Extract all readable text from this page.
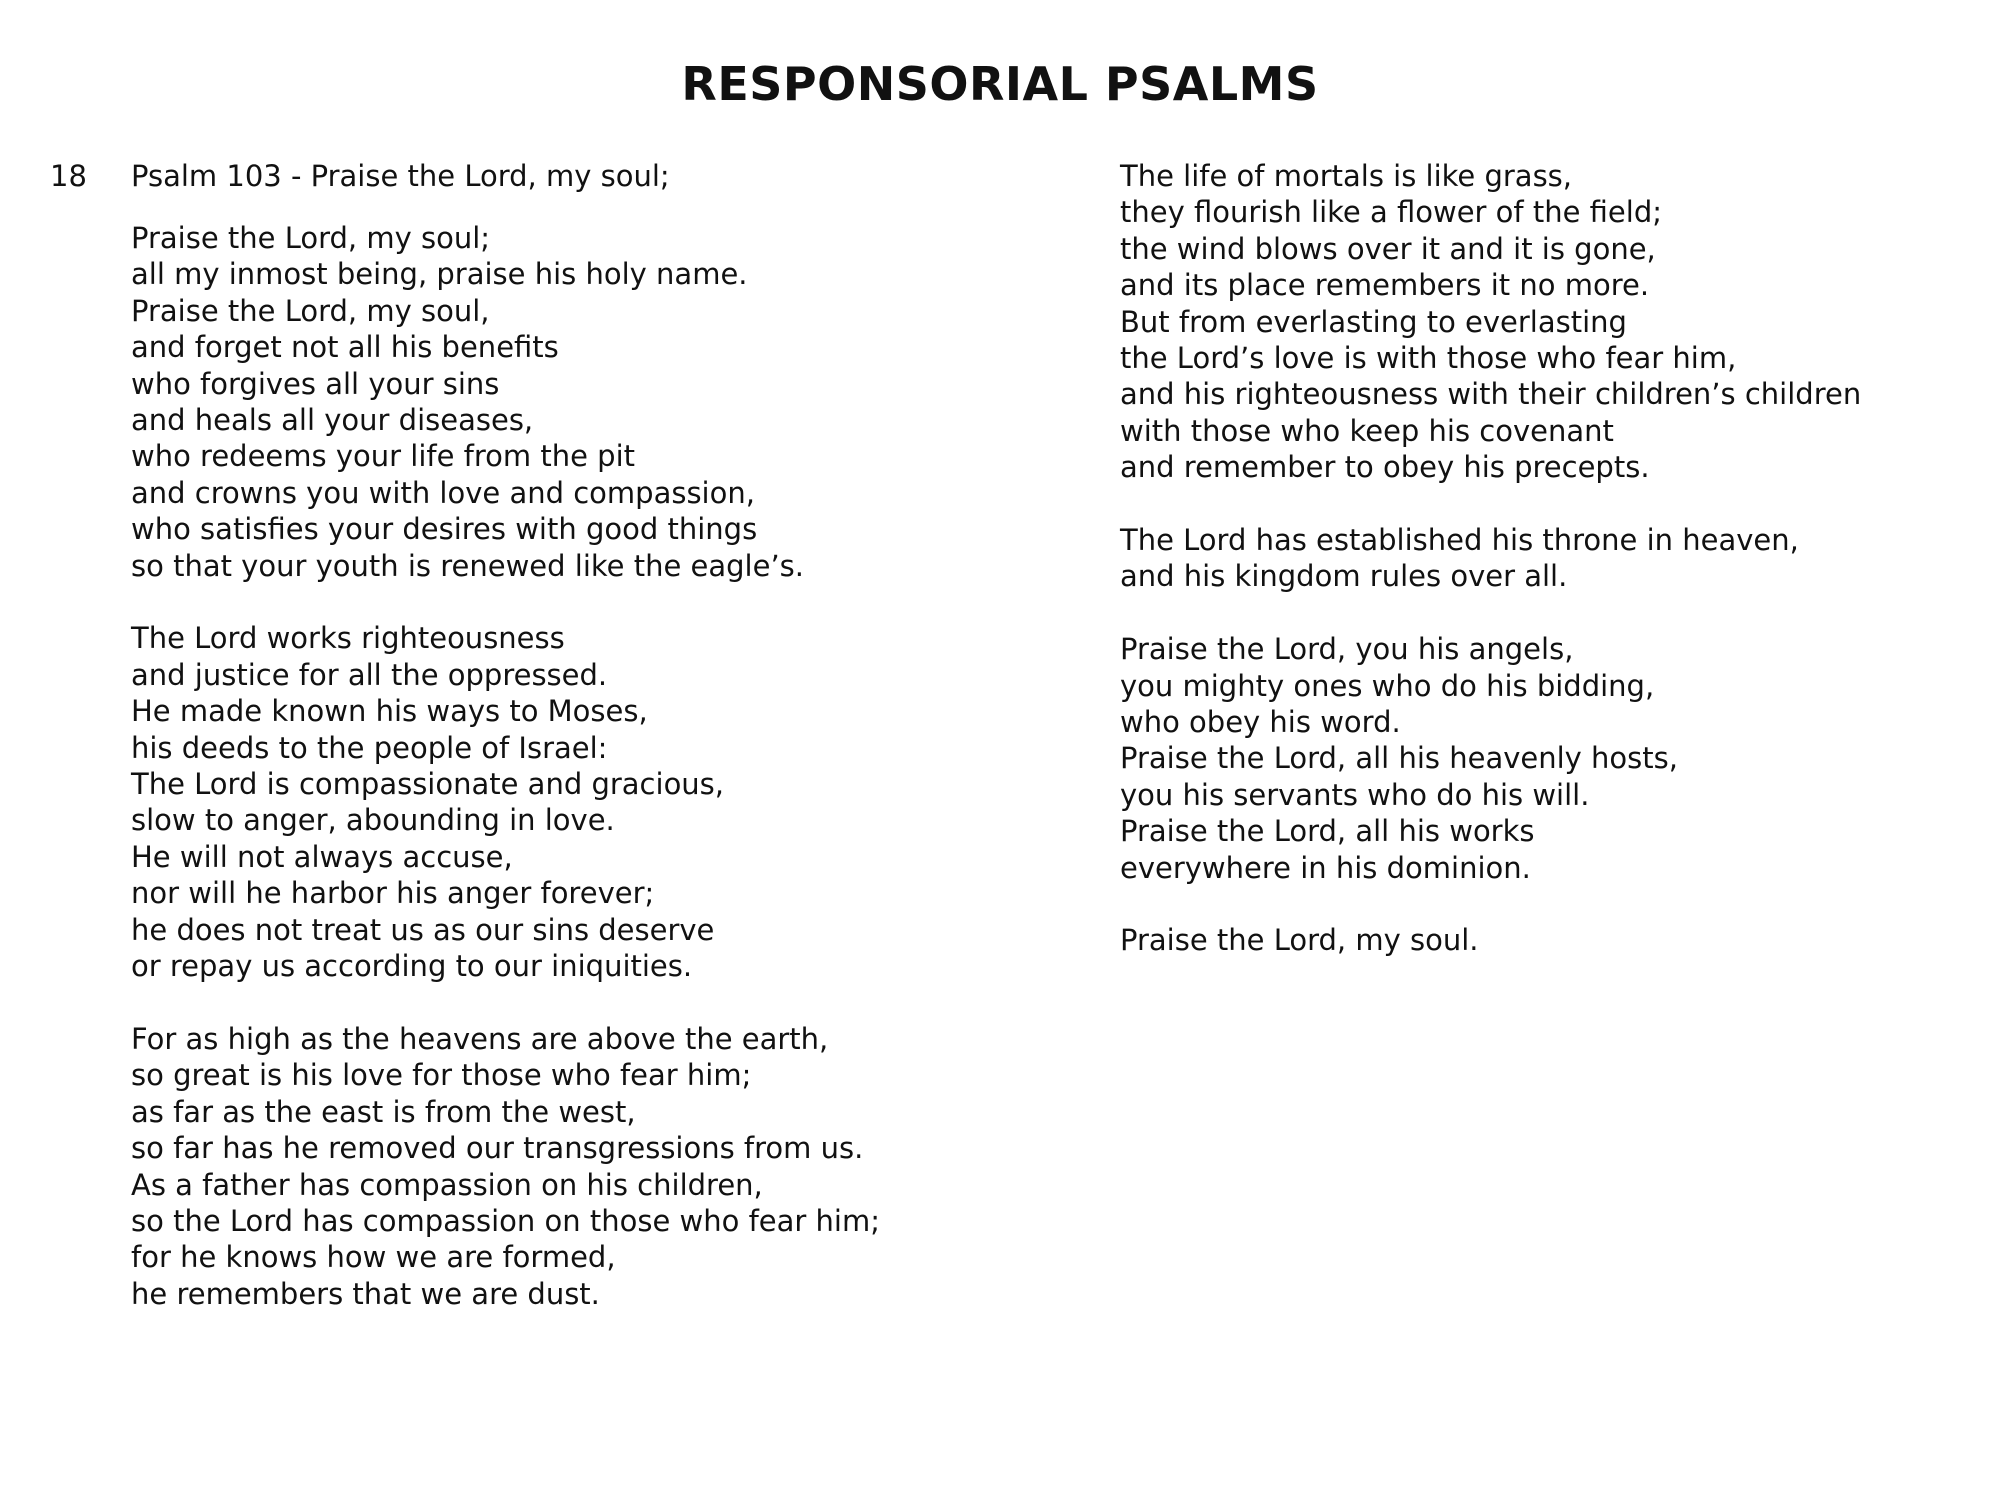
RESPONSORIAL PSALMS
18 Psalm 103 - Praise the Lord, my soul;
Praise the Lord, my soul;
all my inmost being, praise his holy name.
Praise the Lord, my soul,
and forget not all his benefits
who forgives all your sins
and heals all your diseases,
who redeems your life from the pit
and crowns you with love and compassion,
who satisfies your desires with good things
so that your youth is renewed like the eagle’s.
The Lord works righteousness
and justice for all the oppressed.
He made known his ways to Moses,
his deeds to the people of Israel:
The Lord is compassionate and gracious,
slow to anger, abounding in love.
He will not always accuse,
nor will he harbor his anger forever;
he does not treat us as our sins deserve
or repay us according to our iniquities.
For as high as the heavens are above the earth,
so great is his love for those who fear him;
as far as the east is from the west,
so far has he removed our transgressions from us.
As a father has compassion on his children,
so the Lord has compassion on those who fear him;
for he knows how we are formed,
he remembers that we are dust.
The life of mortals is like grass,
they flourish like a flower of the field;
the wind blows over it and it is gone,
and its place remembers it no more.
But from everlasting to everlasting
the Lord’s love is with those who fear him,
and his righteousness with their children’s children
with those who keep his covenant
and remember to obey his precepts.
The Lord has established his throne in heaven,
and his kingdom rules over all.
Praise the Lord, you his angels,
you mighty ones who do his bidding,
who obey his word.
Praise the Lord, all his heavenly hosts,
you his servants who do his will.
Praise the Lord, all his works
everywhere in his dominion.
Praise the Lord, my soul.
